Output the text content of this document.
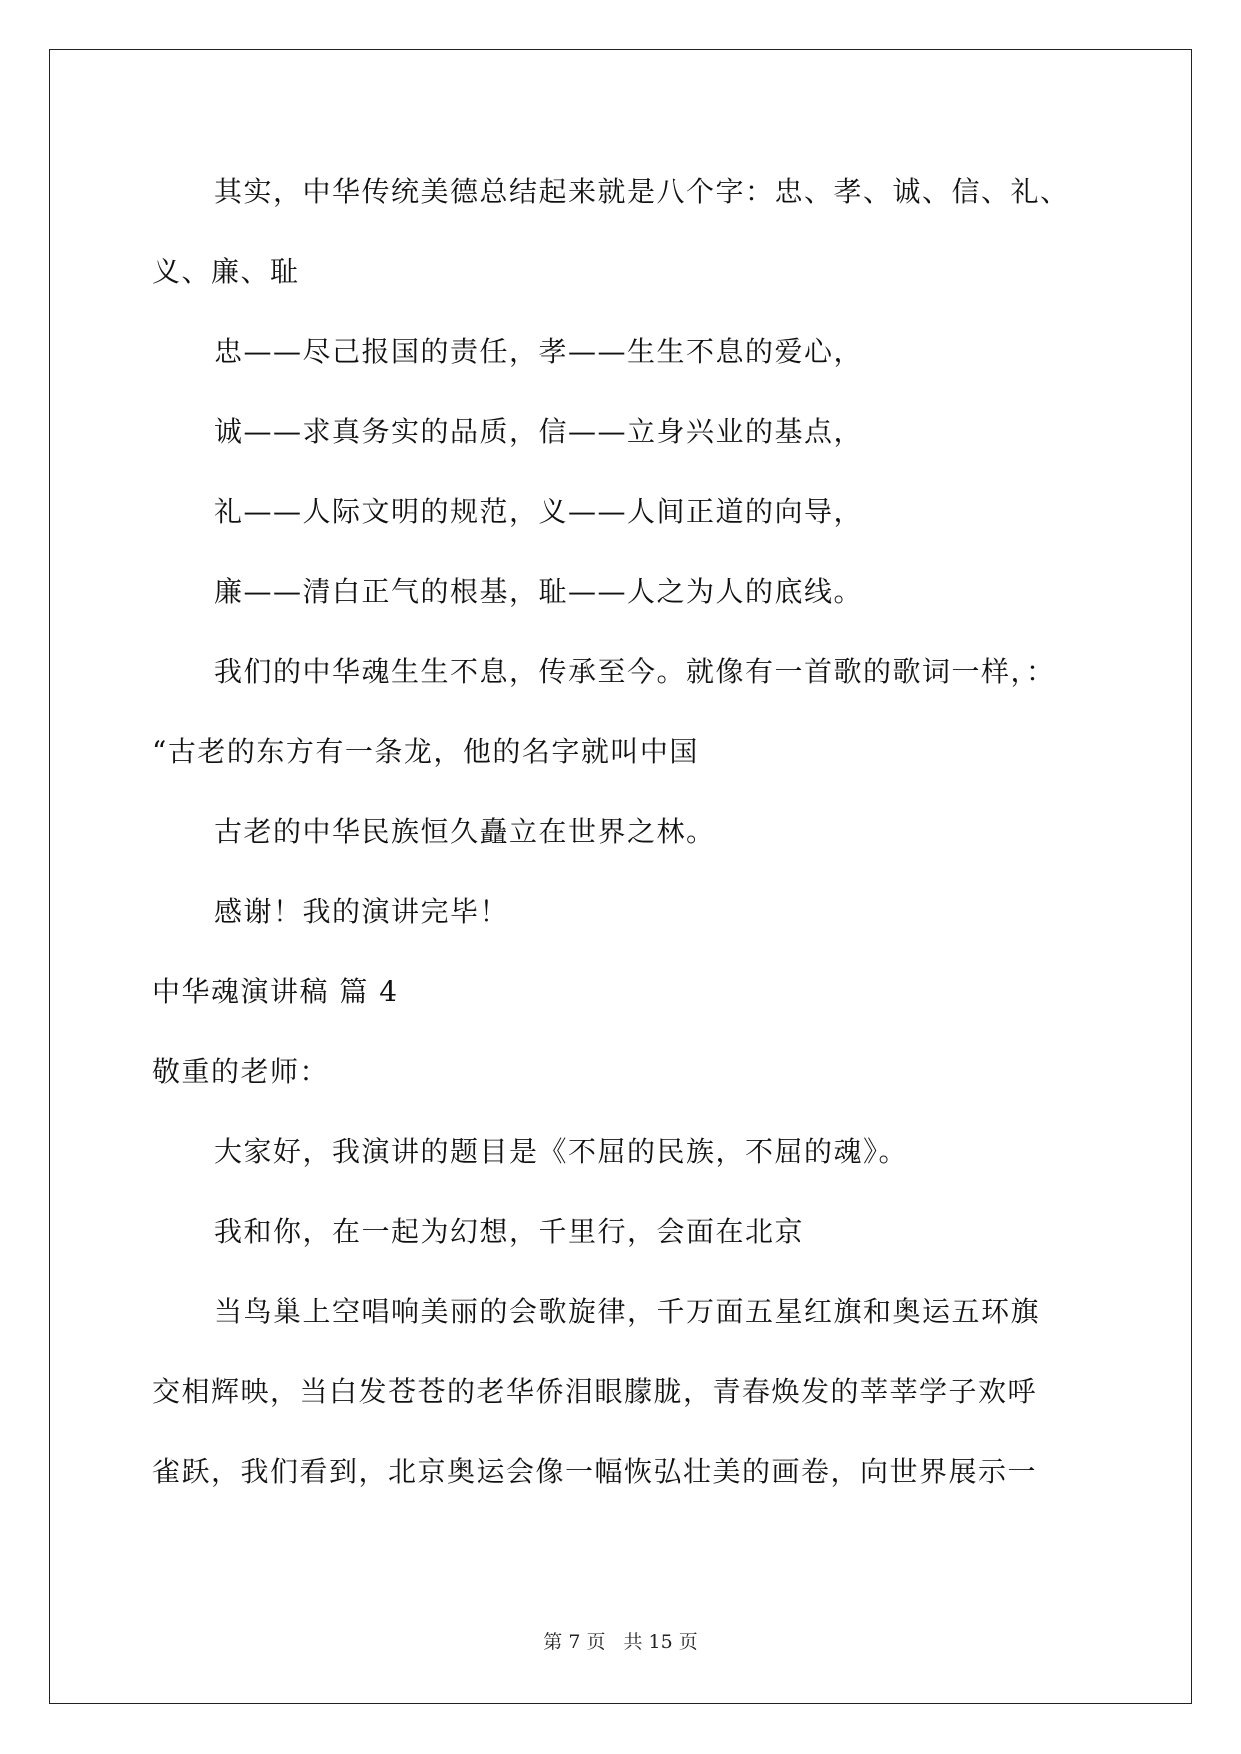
其实，中华传统美德总结起来就是八个字：忠、孝、诚、信、礼、
义、廉、耻
忠——尽己报国的责任，孝——生生不息的爱心，
诚——求真务实的品质，信——立身兴业的基点，
礼——人际文明的规范，义——人间正道的向导，
廉——清白正气的根基，耻——人之为人的底线。
我们的中华魂生生不息，传承至今。就像有一首歌的歌词一样，：
“古老的东方有一条龙，他的名字就叫中国
古老的中华民族恒久矗立在世界之林。
感谢！我的演讲完毕！
中华魂演讲稿 篇 4
敬重的老师：
大家好，我演讲的题目是《不屈的民族，不屈的魂》。
我和你，在一起为幻想，千里行，会面在北京
当鸟巢上空唱响美丽的会歌旋律，千万面五星红旗和奥运五环旗
交相辉映，当白发苍苍的老华侨泪眼朦胧，青春焕发的莘莘学子欢呼
雀跃，我们看到，北京奥运会像一幅恢弘壮美的画卷，向世界展示一
第 7 页 共 15 页
